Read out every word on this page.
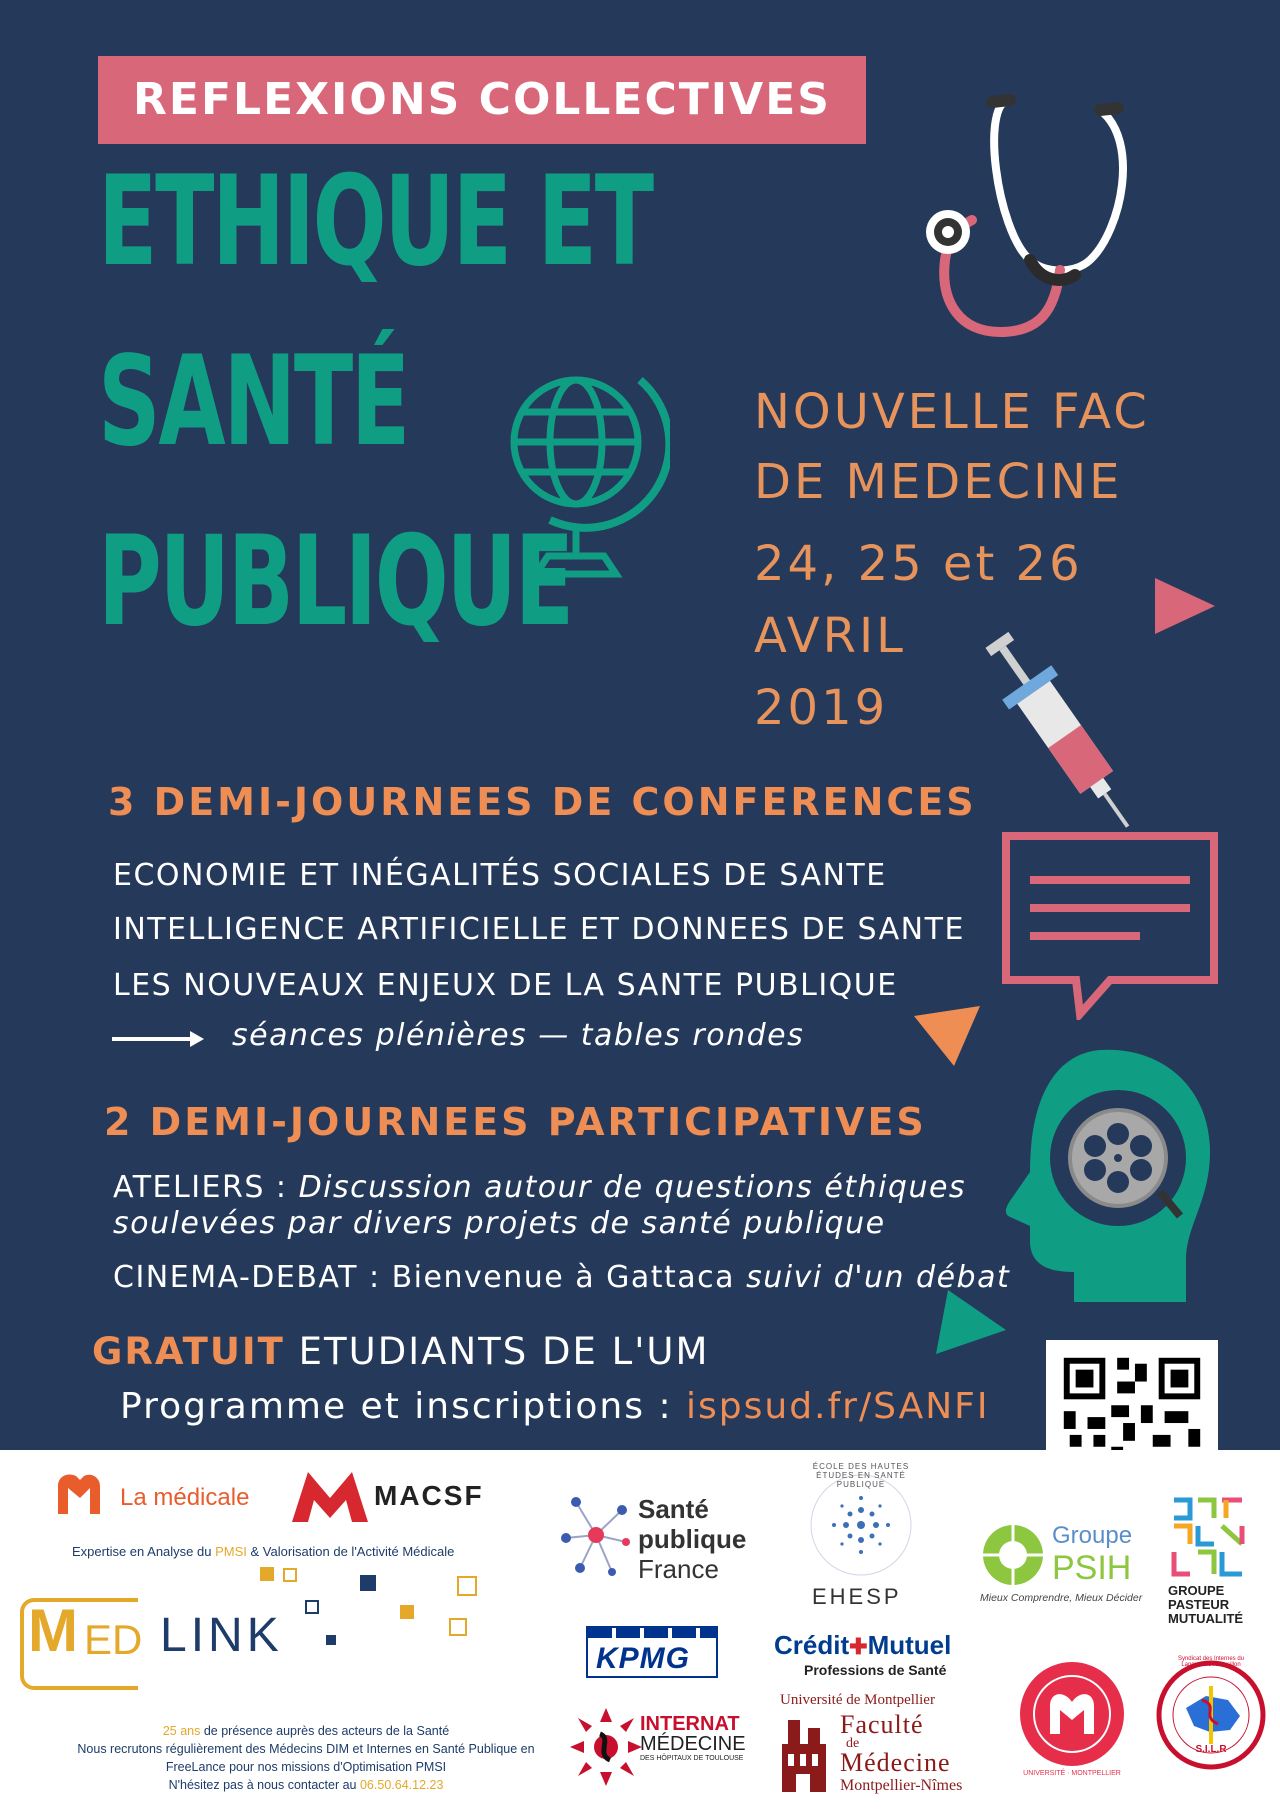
REFLEXIONS COLLECTIVES
ETHIQUE ET
SANTÉ
PUBLIQUE
NOUVELLE FAC
DE MEDECINE
24, 25 et 26
AVRIL
2019
3 DEMI-JOURNEES DE CONFERENCES
ECONOMIE ET INÉGALITÉS SOCIALES DE SANTE
INTELLIGENCE ARTIFICIELLE ET DONNEES DE SANTE
LES NOUVEAUX ENJEUX DE LA SANTE PUBLIQUE
séances plénières — tables rondes
2 DEMI-JOURNEES PARTICIPATIVES
ATELIERS : Discussion autour de questions éthiques
soulevées par divers projets de santé publique
CINEMA-DEBAT : Bienvenue à Gattaca suivi d'un débat
GRATUIT ETUDIANTS DE L'UM
Programme et inscriptions : ispsud.fr/SANFI
La médicale	MACSF
Expertise en Analyse du PMSI & Valorisation de l'Activité Médicale
M ED LINK
25 ans de présence auprès des acteurs de la Santé
Nous recrutons régulièrement des Médecins DIM et Internes en Santé Publique en
FreeLance pour nos missions d'Optimisation PMSI
N'hésitez pas à nous contacter au 06.50.64.12.23
Santé
publique
France
ÉCOLE DES HAUTES ÉTUDES EN SANTÉ PUBLIQUE
EHESP
Groupe
PSIH
Mieux Comprendre, Mieux Décider GROUPE
PASTEUR
MUTUALITÉ
KPMG	Crédit✚Mutuel
Professions de Santé
INTERNAT
MÉDECINE
DES HÔPITAUX DE TOULOUSE
Université de Montpellier
Faculté
de
Médecine
Montpellier-Nîmes
UNIVERSITÉ · MONTPELLIER
Syndicat des Internes du Languedoc-Roussillon
S.I.L.R
